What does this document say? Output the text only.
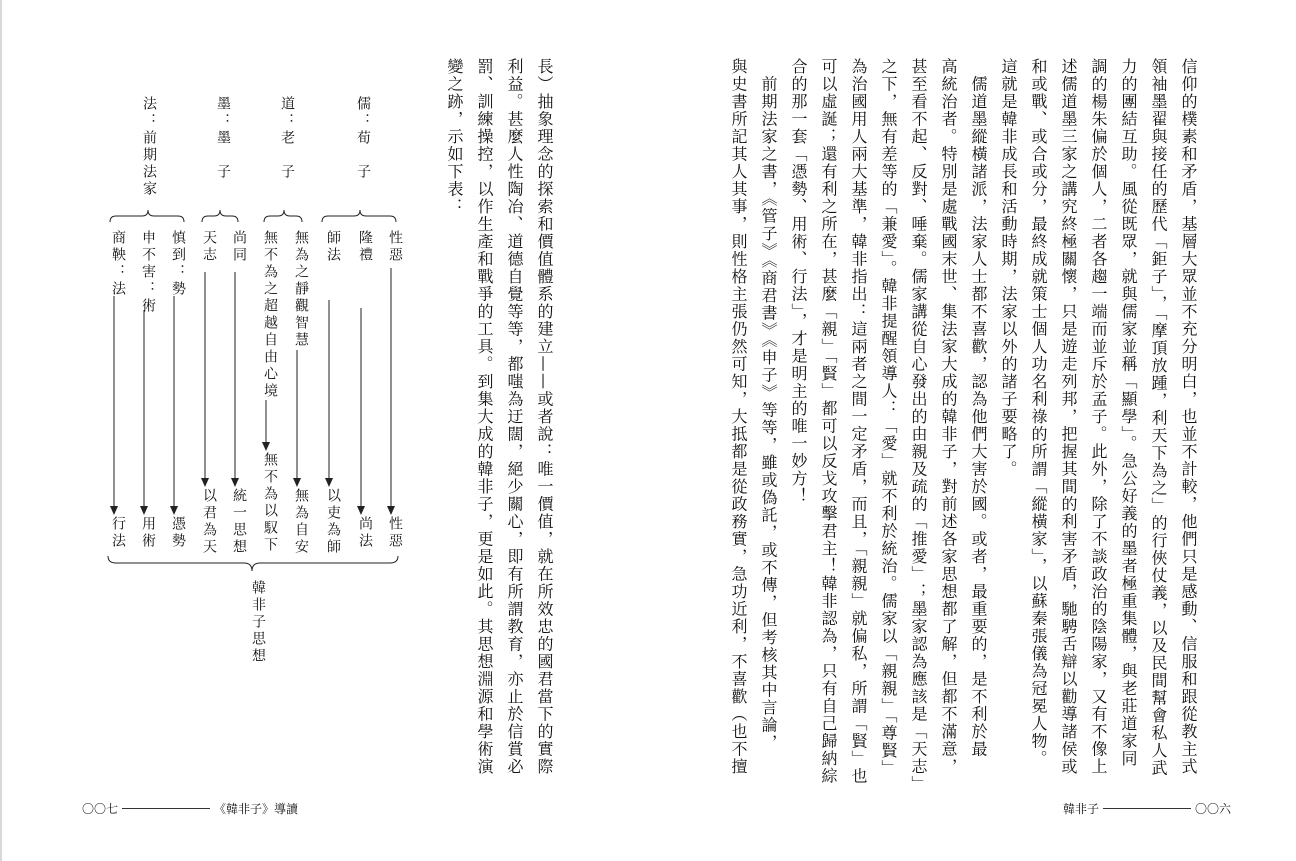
長）抽象理念的探索和價值體系的建立——或者說：唯一價值，就在所效忠的國君當下的實際
利益。甚麼人性陶冶、道德自覺等等，都嗤為迂闊，絕少關心，即有所謂教育，亦止於信賞必
罰、訓練操控，以作生產和戰爭的工具。到集大成的韓非子，更是如此。其思想淵源和學術演
變之跡，示如下表：
儒：荀　子
道：老　子
墨：墨　子
法：前期法家
性惡
隆禮
師法
無為之靜觀智慧
無不為之超越自由心境
尚同
天志
慎到：勢
申不害：術
商鞅：法
無不為以馭下	性惡
尚法
以吏為師
無為自安
統一思想
以君為天
憑勢
用術
行法
韓非子思想
〇〇七	《韓非子》導讀
信仰的樸素和矛盾，基層大眾並不充分明白，也並不計較，他們只是感動、信服和跟從教主式
領袖墨翟與接任的歷代「鉅子」，「摩頂放踵，利天下為之」的行俠仗義，以及民間幫會私人武
力的團結互助。風從既眾，就與儒家並稱「顯學」。急公好義的墨者極重集體，與老莊道家同
調的楊朱偏於個人，二者各趨一端而並斥於孟子。此外，除了不談政治的陰陽家，又有不像上
述儒道墨三家之講究終極關懷，只是遊走列邦，把握其間的利害矛盾，馳騁舌辯以勸導諸侯或
和或戰、或合或分，最終成就策士個人功名利祿的所謂「縱橫家」，以蘇秦張儀為冠冕人物。
這就是韓非成長和活動時期，法家以外的諸子要略了。
　儒道墨縱橫諸派，法家人士都不喜歡，認為他們大害於國。或者，最重要的，是不利於最
高統治者。特別是處戰國末世、集法家大成的韓非子，對前述各家思想都了解，但都不滿意，
甚至看不起、反對、唾棄。儒家講從自心發出的由親及疏的「推愛」；墨家認為應該是「天志」
之下，無有差等的「兼愛」。韓非提醒領導人：「愛」就不利於統治。儒家以「親親」「尊賢」
為治國用人兩大基準，韓非指出：這兩者之間一定矛盾，而且，「親親」就偏私，所謂「賢」也
可以虛誕；還有利之所在，甚麼「親」「賢」都可以反戈攻擊君主！韓非認為，只有自己歸納綜
合的那一套「憑勢、用術、行法」，才是明主的唯一妙方！
　前期法家之書，《管子》《商君書》《申子》等等，雖或偽託，或不傳，但考核其中言論，
與史書所記其人其事，則性格主張仍然可知，大抵都是從政務實，急功近利，不喜歡（也不擅
韓非子	〇〇六
